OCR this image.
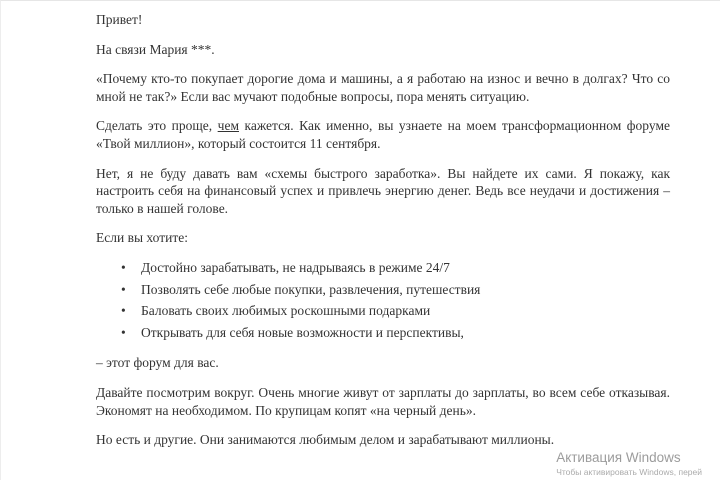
Привет!

На связи Мария ***.

«Почему кто-то покупает дорогие дома и машины, а я работаю на износ и вечно в долгах? Что со мной не так?» Если вас мучают подобные вопросы, пора менять ситуацию.

Сделать это проще, чем кажется. Как именно, вы узнаете на моем трансформационном форуме «Твой миллион», который состоится 11 сентября.

Нет, я не буду давать вам «схемы быстрого заработка». Вы найдете их сами. Я покажу, как настроить себя на финансовый успех и привлечь энергию денег. Ведь все неудачи и достижения – только в нашей голове.

Если вы хотите:

•	Достойно зарабатывать, не надрываясь в режиме 24/7
•	Позволять себе любые покупки, развлечения, путешествия
•	Баловать своих любимых роскошными подарками
•	Открывать для себя новые возможности и перспективы,

– этот форум для вас.

Давайте посмотрим вокруг. Очень многие живут от зарплаты до зарплаты, во всем себе отказывая. Экономят на необходимом. По крупицам копят «на черный день».

Но есть и другие. Они занимаются любимым делом и зарабатывают миллионы.

Активация Windows
Чтобы активировать Windows, перей
